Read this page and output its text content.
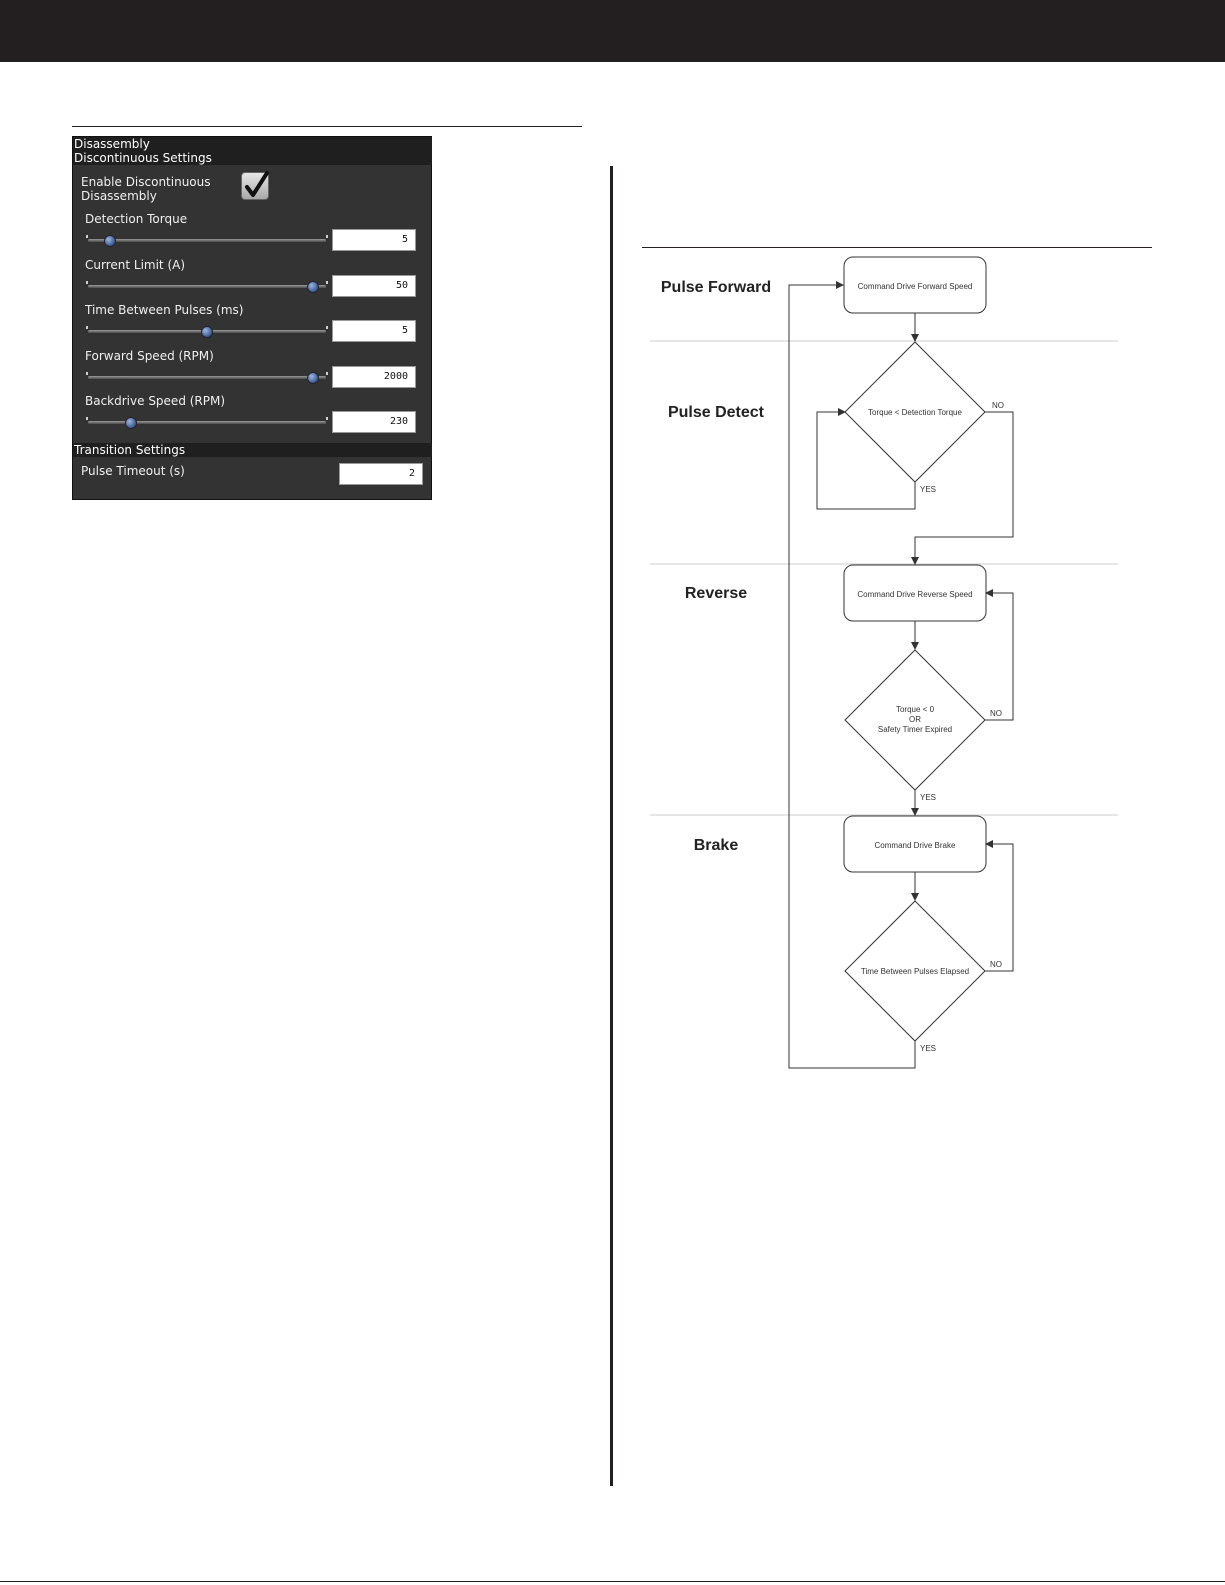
Disassembly
Discontinuous Settings
Enable Discontinuous
Disassembly
Detection Torque
5
Current Limit (A)
50
Time Between Pulses (ms)
5
Forward Speed (RPM)
2000
Backdrive Speed (RPM)
230
Transition Settings
Pulse Timeout (s)	2
Pulse Forward
Pulse Detect
Reverse
Brake
Command Drive Forward Speed
Command Drive Reverse Speed
Command Drive Brake
Torque < Detection Torque
Torque < 0
OR
Safety Timer Expired
Time Between Pulses Elapsed
YES
NO
YES
NO
YES
NO
